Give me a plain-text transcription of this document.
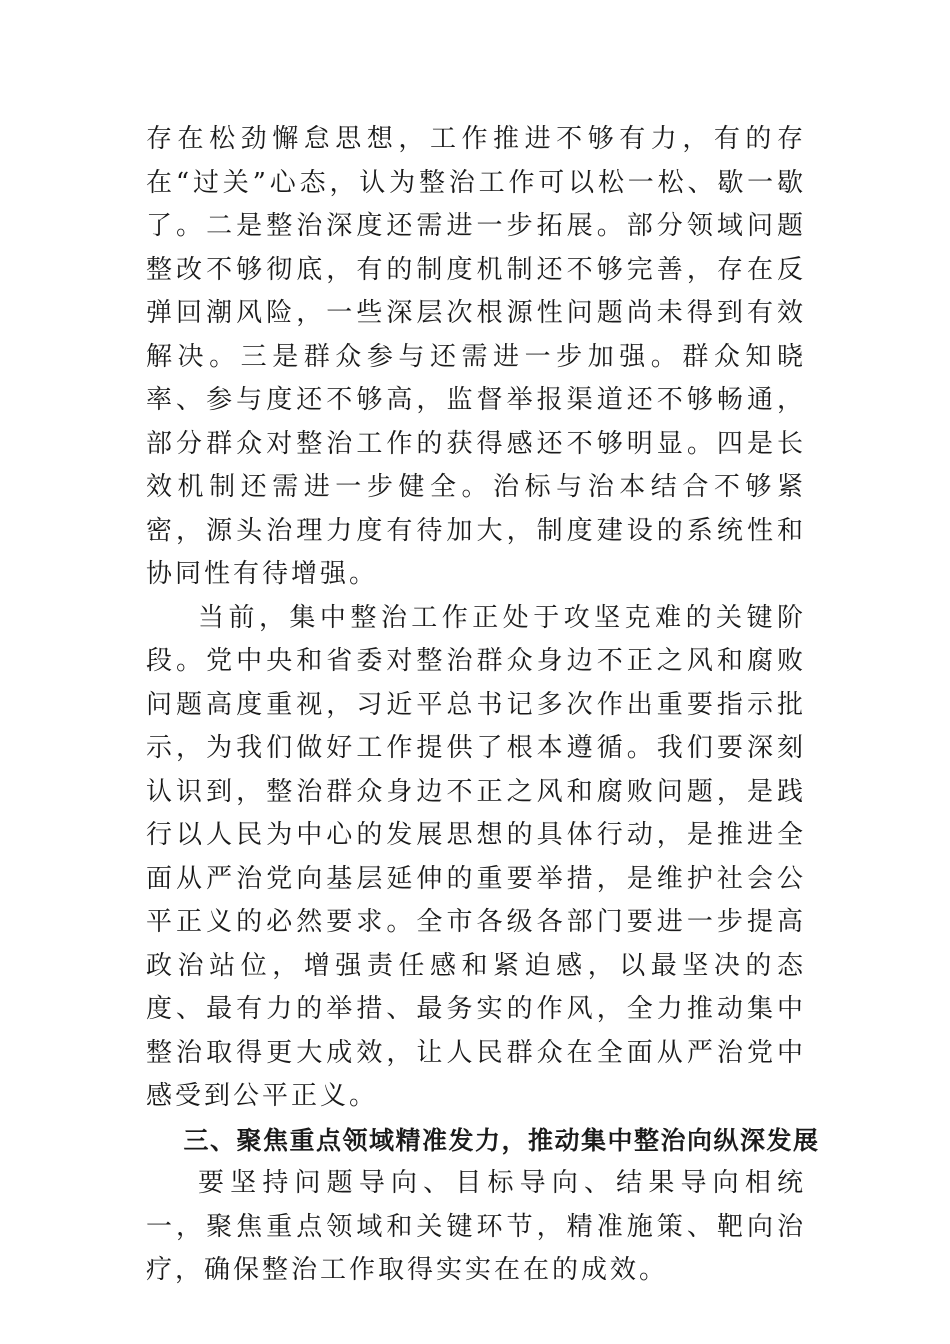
存在松劲懈怠思想，工作推进不够有力，有的存在“过关”心态，认为整治工作可以松一松、歇一歇了。二是整治深度还需进一步拓展。部分领域问题整改不够彻底，有的制度机制还不够完善，存在反弹回潮风险，一些深层次根源性问题尚未得到有效解决。三是群众参与还需进一步加强。群众知晓率、参与度还不够高，监督举报渠道还不够畅通，部分群众对整治工作的获得感还不够明显。四是长效机制还需进一步健全。治标与治本结合不够紧密，源头治理力度有待加大，制度建设的系统性和协同性有待增强。

当前，集中整治工作正处于攻坚克难的关键阶段。党中央和省委对整治群众身边不正之风和腐败问题高度重视，习近平总书记多次作出重要指示批示，为我们做好工作提供了根本遵循。我们要深刻认识到，整治群众身边不正之风和腐败问题，是践行以人民为中心的发展思想的具体行动，是推进全面从严治党向基层延伸的重要举措，是维护社会公平正义的必然要求。全市各级各部门要进一步提高政治站位，增强责任感和紧迫感，以最坚决的态度、最有力的举措、最务实的作风，全力推动集中整治取得更大成效，让人民群众在全面从严治党中感受到公平正义。

三、聚焦重点领域精准发力，推动集中整治向纵深发展

要坚持问题导向、目标导向、结果导向相统一，聚焦重点领域和关键环节，精准施策、靶向治疗，确保整治工作取得实实在在的成效。
